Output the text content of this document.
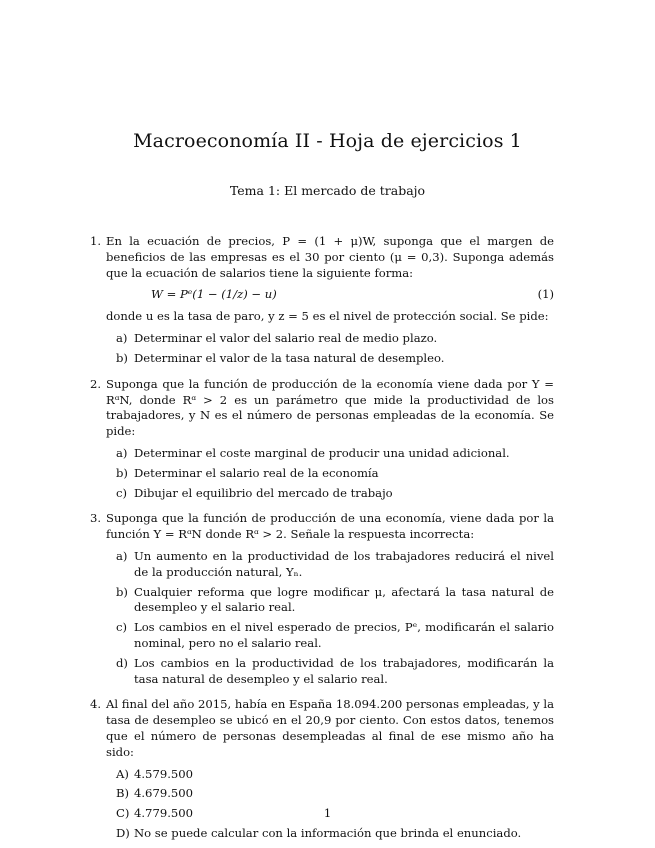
Macroeconomía II - Hoja de ejercicios 1
Tema 1: El mercado de trabajo
1. En la ecuación de precios, P = (1 + μ)W, suponga que el margen de beneficios de las empresas es el 30 por ciento (μ = 0,3). Suponga además que la ecuación de salarios tiene la siguiente forma:
W = Pᵉ(1 − (1/z) − u)	(1)
donde u es la tasa de paro, y z = 5 es el nivel de protección social. Se pide:
a) Determinar el valor del salario real de medio plazo.
b) Determinar el valor de la tasa natural de desempleo.
2. Suponga que la función de producción de la economía viene dada por Y = RᵅN, donde Rᵅ > 2 es un parámetro que mide la productividad de los trabajadores, y N es el número de personas empleadas de la economía. Se pide:
a) Determinar el coste marginal de producir una unidad adicional.
b) Determinar el salario real de la economía
c) Dibujar el equilibrio del mercado de trabajo
3. Suponga que la función de producción de una economía, viene dada por la función Y = RᵅN donde Rᵅ > 2. Señale la respuesta incorrecta:
a) Un aumento en la productividad de los trabajadores reducirá el nivel de la producción natural, Yₙ.
b) Cualquier reforma que logre modificar μ, afectará la tasa natural de desempleo y el salario real.
c) Los cambios en el nivel esperado de precios, Pᵉ, modificarán el salario nominal, pero no el salario real.
d) Los cambios en la productividad de los trabajadores, modificarán la tasa natural de desempleo y el salario real.
4. Al final del año 2015, había en España 18.094.200 personas empleadas, y la tasa de desempleo se ubicó en el 20,9 por ciento. Con estos datos, tenemos que el número de personas desempleadas al final de ese mismo año ha sido:
A) 4.579.500
B) 4.679.500
C) 4.779.500
D) No se puede calcular con la información que brinda el enunciado.
1
